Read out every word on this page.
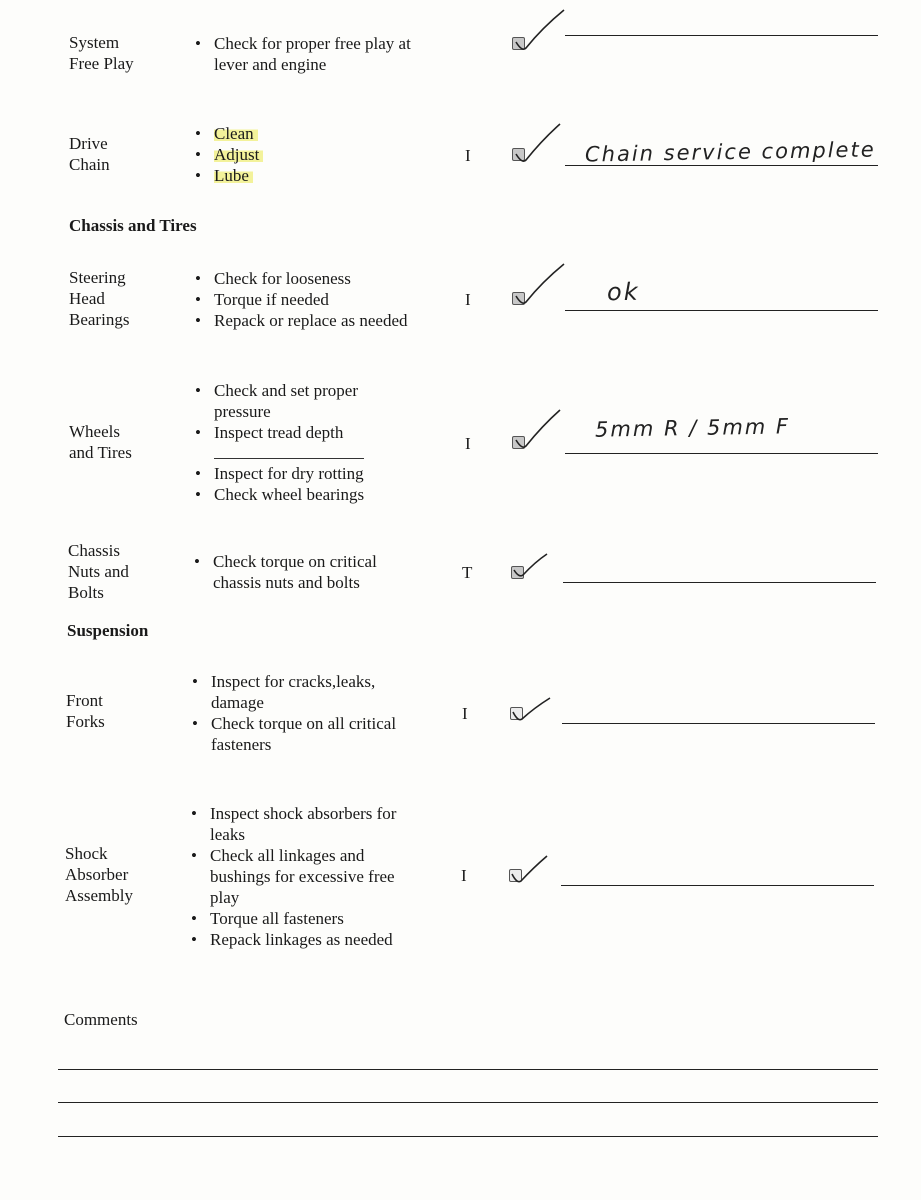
System
Free Play
• Check for proper free play at
lever and engine
Drive
Chain
• Clean
• Adjust
• Lube
I	Chain service complete
Chassis and Tires
Steering
Head
Bearings
• Check for looseness
• Torque if needed
• Repack or replace as needed
I	ok
Wheels
and Tires
• Check and set proper
pressure
• Inspect tread depth
• Inspect for dry rotting
• Check wheel bearings
I
5mm R / 5mm F
Chassis
Nuts and
Bolts
• Check torque on critical
chassis nuts and bolts
T
Suspension
Front
Forks
• Inspect for cracks,leaks,
damage
• Check torque on all critical
fasteners
I
Shock
Absorber
Assembly
• Inspect shock absorbers for
leaks
• Check all linkages and
bushings for excessive free
play
• Torque all fasteners
• Repack linkages as needed
I
Comments
